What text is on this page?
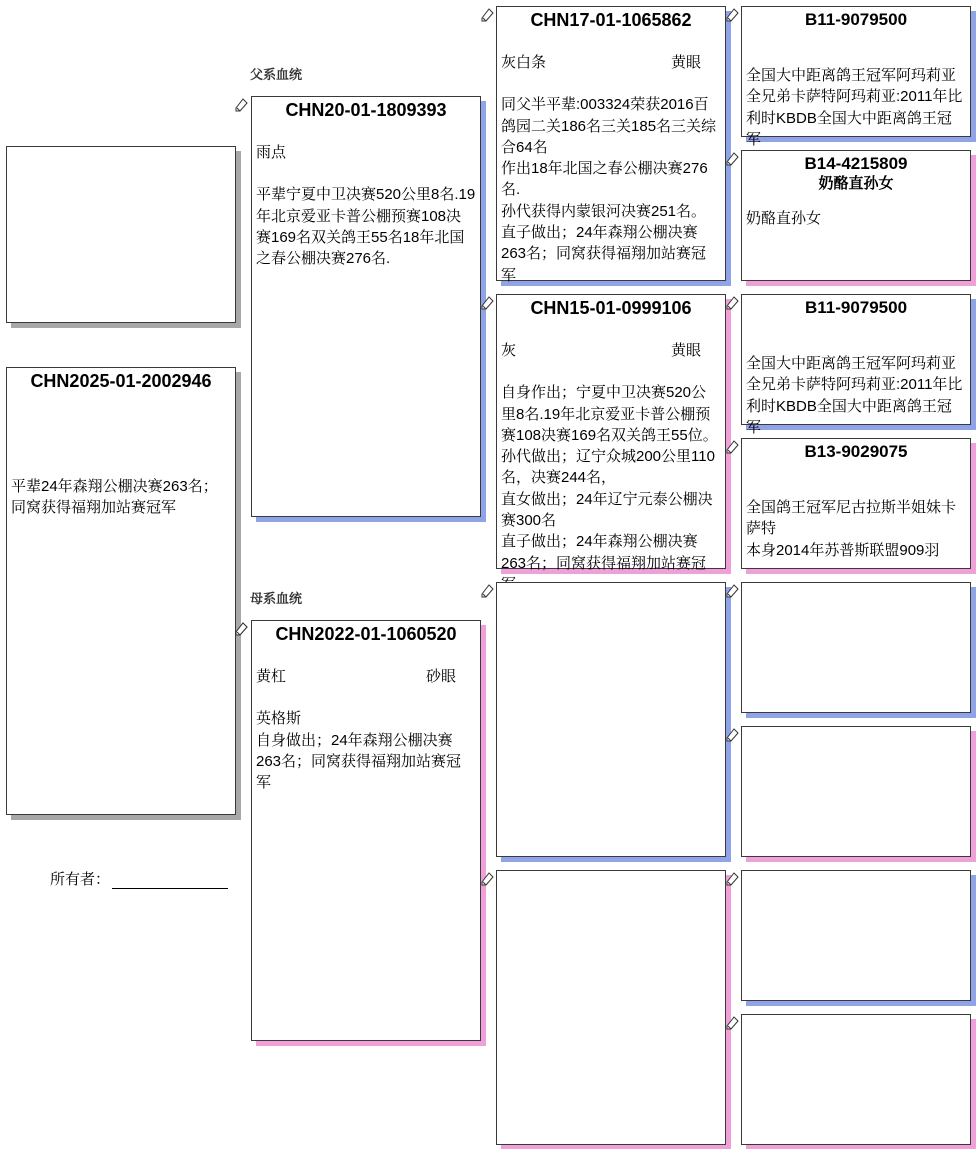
父系血统
母系血统
CHN2025-01-2002946
平辈24年森翔公棚决赛263名；同窝获得福翔加站赛冠军
所有者：
CHN20-01-1809393
雨点
平辈宁夏中卫决赛520公里8名.19年北京爱亚卡普公棚预赛108决赛169名双关鸽王55名18年北国之春公棚决赛276名.
CHN2022-01-1060520
黄杠	砂眼
英格斯
自身做出；24年森翔公棚决赛263名；同窝获得福翔加站赛冠军
CHN17-01-1065862
灰白条	黄眼
同父半平辈:003324荣获2016百鸽园二关186名三关185名三关综合64名
作出18年北国之春公棚决赛276名.
孙代获得内蒙银河决赛251名。
直子做出；24年森翔公棚决赛263名；同窝获得福翔加站赛冠军
CHN15-01-0999106
灰	黄眼
自身作出；宁夏中卫决赛520公里8名.19年北京爱亚卡普公棚预赛108决赛169名双关鸽王55位。孙代做出；辽宁众城200公里110名，决赛244名，
直女做出；24年辽宁元泰公棚决赛300名
直子做出；24年森翔公棚决赛263名；同窝获得福翔加站赛冠
B11-9079500
全国大中距离鸽王冠军阿玛莉亚全兄弟卡萨特阿玛莉亚:2011年比利时KBDB全国大中距离鸽王冠军
B14-4215809
奶酪直孙女
奶酪直孙女
B11-9079500
全国大中距离鸽王冠军阿玛莉亚全兄弟卡萨特阿玛莉亚:2011年比利时KBDB全国大中距离鸽王冠军
B13-9029075
全国鸽王冠军尼古拉斯半姐妹卡萨特
本身2014年苏普斯联盟909羽
